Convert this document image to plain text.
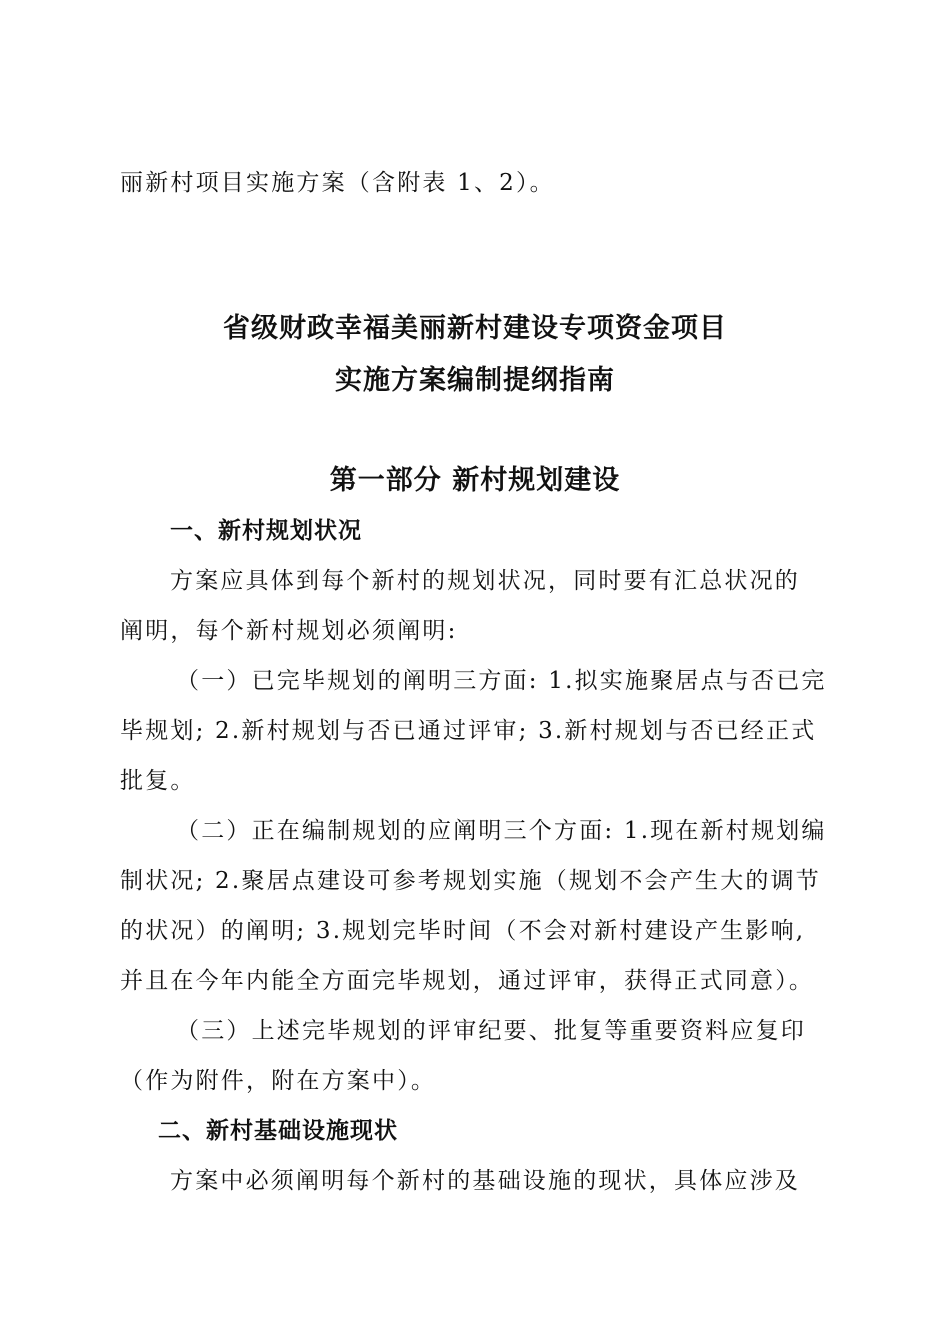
丽新村项目实施方案（含附表 1、2）。
省级财政幸福美丽新村建设专项资金项目
实施方案编制提纲指南
第一部分 新村规划建设
一、新村规划状况
方案应具体到每个新村的规划状况，同时要有汇总状况的
阐明，每个新村规划必须阐明:
（一）已完毕规划的阐明三方面: 1.拟实施聚居点与否已完
毕规划; 2.新村规划与否已通过评审; 3.新村规划与否已经正式
批复。
（二）正在编制规划的应阐明三个方面: 1.现在新村规划编
制状况; 2.聚居点建设可参考规划实施（规划不会产生大的调节
的状况）的阐明; 3.规划完毕时间（不会对新村建设产生影响,
并且在今年内能全方面完毕规划，通过评审，获得正式同意）。
（三）上述完毕规划的评审纪要、批复等重要资料应复印
（作为附件，附在方案中）。
二、新村基础设施现状
方案中必须阐明每个新村的基础设施的现状，具体应涉及
